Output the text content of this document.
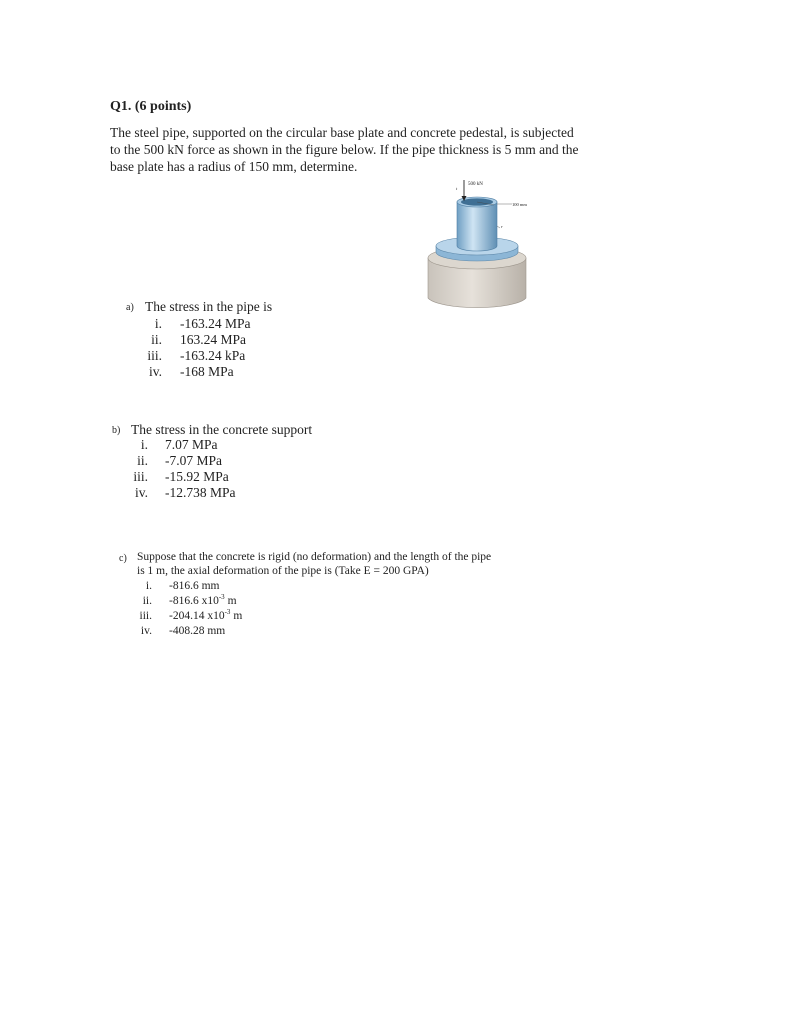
Q1. (6 points)
The steel pipe, supported on the circular base plate and concrete pedestal, is subjected to the 500 kN force as shown in the figure below. If the pipe thickness is 5 mm and the base plate has a radius of 150 mm, determine.
500 kN
100 mm
t
r
a) The stress in the pipe is
i. -163.24 MPa
ii. 163.24 MPa
iii. -163.24 kPa
iv. -168 MPa
b) The stress in the concrete support
i. 7.07 MPa
ii. -7.07 MPa
iii. -15.92 MPa
iv. -12.738 MPa
c) Suppose that the concrete is rigid (no deformation) and the length of the pipe
is 1 m, the axial deformation of the pipe is (Take E = 200 GPA)
i. -816.6 mm
ii. -816.6 $x10^{-3}$ m
iii. -204.14 $x10^{-3}$ m
iv. -408.28 mm
